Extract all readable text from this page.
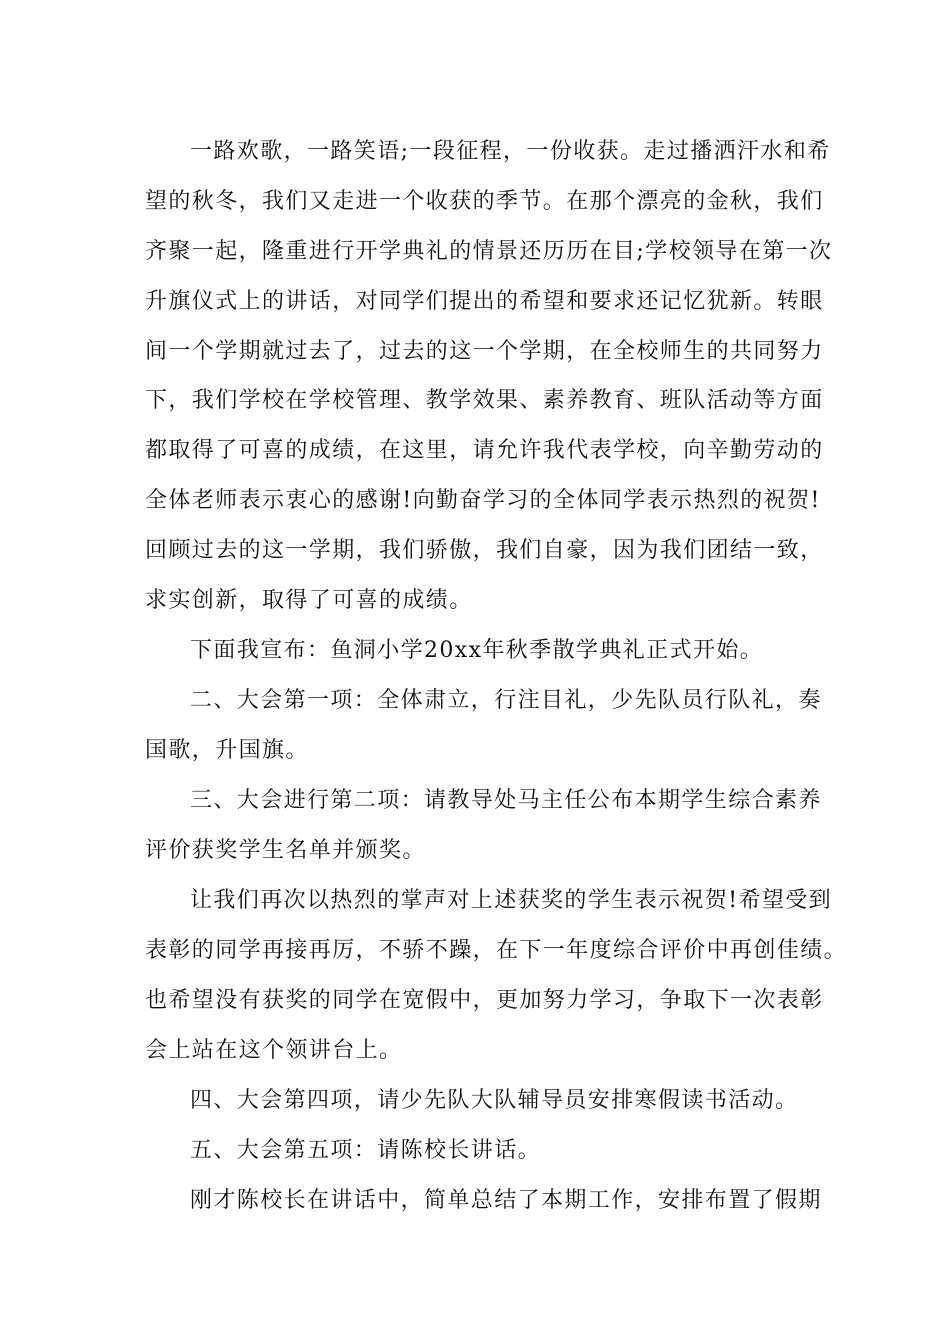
一路欢歌，一路笑语;一段征程，一份收获。走过播洒汗水和希
望的秋冬，我们又走进一个收获的季节。在那个漂亮的金秋，我们
齐聚一起，隆重进行开学典礼的情景还历历在目;学校领导在第一次
升旗仪式上的讲话，对同学们提出的希望和要求还记忆犹新。转眼
间一个学期就过去了，过去的这一个学期，在全校师生的共同努力
下，我们学校在学校管理、教学效果、素养教育、班队活动等方面
都取得了可喜的成绩，在这里，请允许我代表学校，向辛勤劳动的
全体老师表示衷心的感谢!向勤奋学习的全体同学表示热烈的祝贺!
回顾过去的这一学期，我们骄傲，我们自豪，因为我们团结一致，
求实创新，取得了可喜的成绩。
下面我宣布：鱼洞小学20xx年秋季散学典礼正式开始。
二、大会第一项：全体肃立，行注目礼，少先队员行队礼，奏
国歌，升国旗。
三、大会进行第二项：请教导处马主任公布本期学生综合素养
评价获奖学生名单并颁奖。
让我们再次以热烈的掌声对上述获奖的学生表示祝贺!希望受到
表彰的同学再接再厉，不骄不躁，在下一年度综合评价中再创佳绩。
也希望没有获奖的同学在宽假中，更加努力学习，争取下一次表彰
会上站在这个领讲台上。
四、大会第四项，请少先队大队辅导员安排寒假读书活动。
五、大会第五项：请陈校长讲话。
刚才陈校长在讲话中，简单总结了本期工作，安排布置了假期
